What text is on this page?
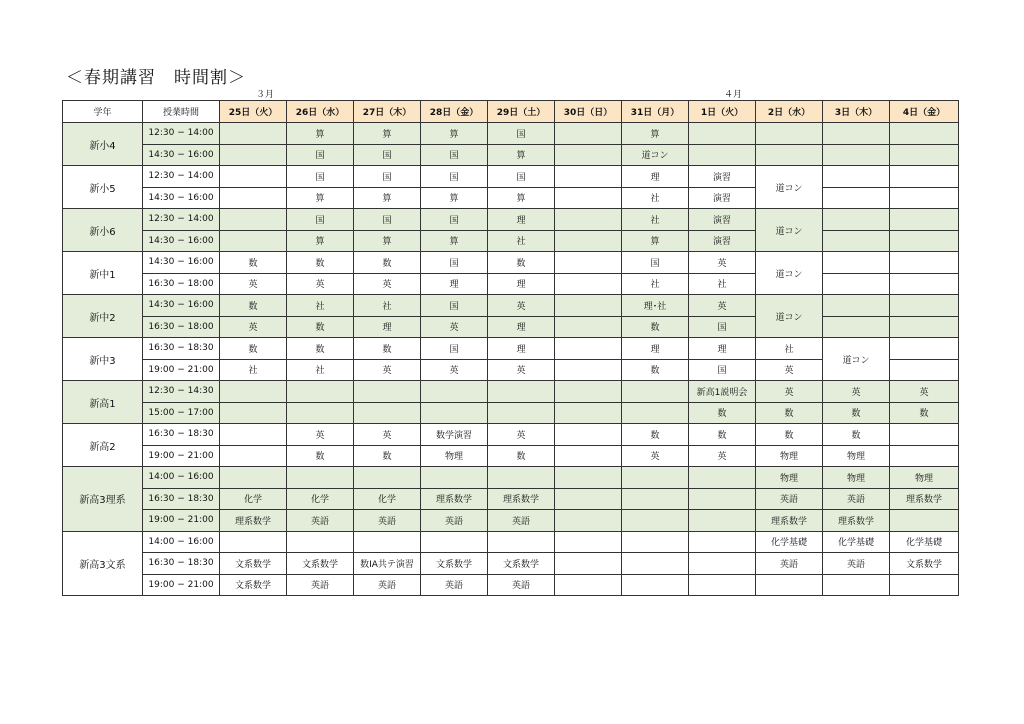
＜春期講習　時間割＞
３月	４月
学年	授業時間	25日（火）	26日（水）	27日（木）	28日（金）	29日（土）	30日（日）	31日（月）	1日（火）	2日（水）	3日（木）	4日（金）
新小4	12:30 − 14:00		算	算	算	国		算				
	14:30 − 16:00		国	国	国	算		道コン				
新小5	12:30 − 14:00		国	国	国	国		理	演習	道コン		
	14:30 − 16:00		算	算	算	算		社	演習			
新小6	12:30 − 14:00		国	国	国	理		社	演習	道コン		
	14:30 − 16:00		算	算	算	社		算	演習			
新中1	14:30 − 16:00	数	数	数	国	数		国	英	道コン		
	16:30 − 18:00	英	英	英	理	理		社	社			
新中2	14:30 − 16:00	数	社	社	国	英		理･社	英	道コン		
	16:30 − 18:00	英	数	理	英	理		数	国			
新中3	16:30 − 18:30	数	数	数	国	理		理	理	社	道コン	
	19:00 − 21:00	社	社	英	英	英		数	国	英		
新高1	12:30 − 14:30								新高1説明会	英	英	英
	15:00 − 17:00								数	数	数	数
新高2	16:30 − 18:30		英	英	数学演習	英		数	数	数	数	
	19:00 − 21:00		数	数	物理	数		英	英	物理	物理	
新高3理系	14:00 − 16:00									物理	物理	物理
	16:30 − 18:30	化学	化学	化学	理系数学	理系数学				英語	英語	理系数学
	19:00 − 21:00	理系数学	英語	英語	英語	英語				理系数学	理系数学	
新高3文系	14:00 − 16:00									化学基礎	化学基礎	化学基礎
	16:30 − 18:30	文系数学	文系数学	数IA共テ演習	文系数学	文系数学				英語	英語	文系数学
	19:00 − 21:00	文系数学	英語	英語	英語	英語						
